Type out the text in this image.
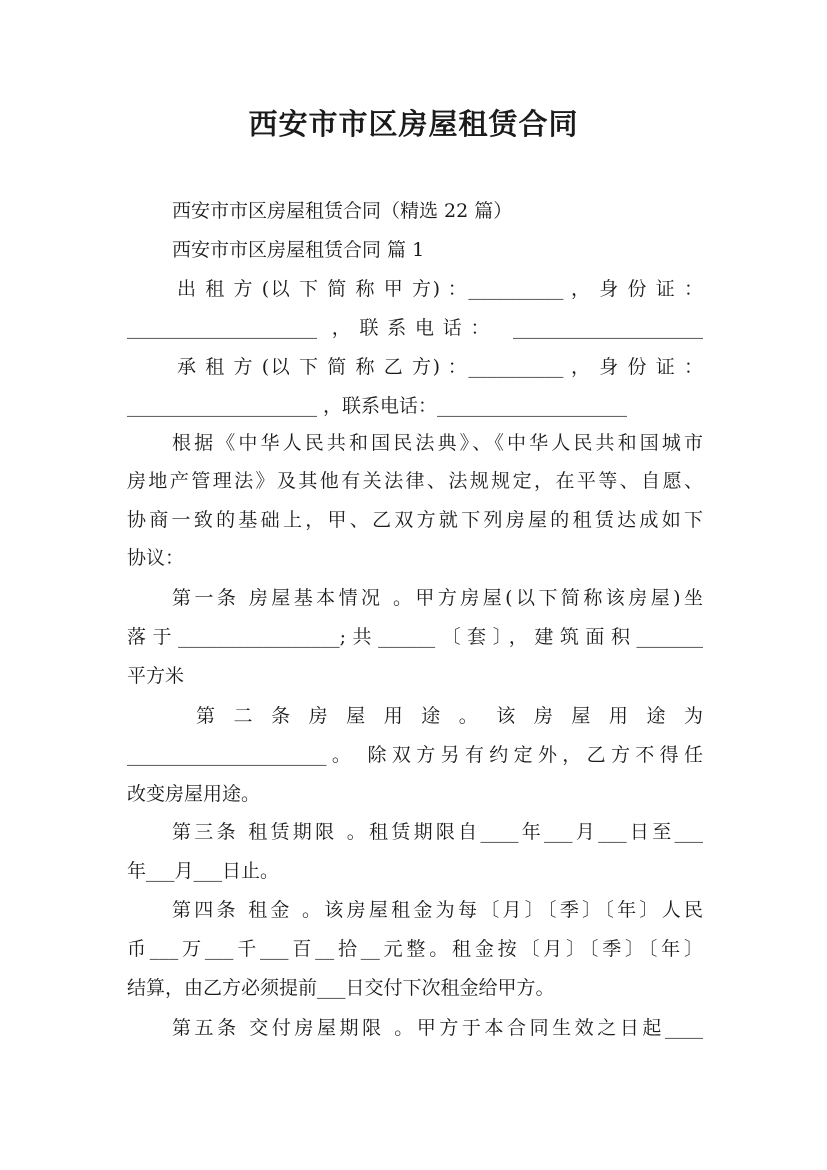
西安市市区房屋租赁合同
西安市市区房屋租赁合同（精选 22 篇）
西安市市区房屋租赁合同 篇 1
出 租 方 (以 下 简 称 甲 方) ：__________ ， 身 份 证 ：
____________________ ，联系电话： ____________________
承 租 方 (以 下 简 称 乙 方) ：__________ ， 身 份 证 ：
____________________ ，联系电话：____________________
根据《中华人民共和国民法典》、《中华人民共和国城市
房地产管理法》及其他有关法律、法规规定，在平等、自愿、
协商一致的基础上，甲、乙双方就下列房屋的租赁达成如下
协议：
第一条 房屋基本情况 。甲方房屋(以下简称该房屋)坐
落于_________________;共______〔套〕，建筑面积_______
平方米
第 二 条 房 屋 用 途 。 该 房 屋 用 途 为
_____________________。 除双方另有约定外，乙方不得任
改变房屋用途。
第三条 租赁期限 。租赁期限自____年___月___日至___
年___月___日止。
第四条 租金 。该房屋租金为每〔月〕〔季〕〔年〕人民
币___万___千___百__拾__元整。租金按〔月〕〔季〕〔年〕
结算，由乙方必须提前___日交付下次租金给甲方。
第五条 交付房屋期限 。甲方于本合同生效之日起____
